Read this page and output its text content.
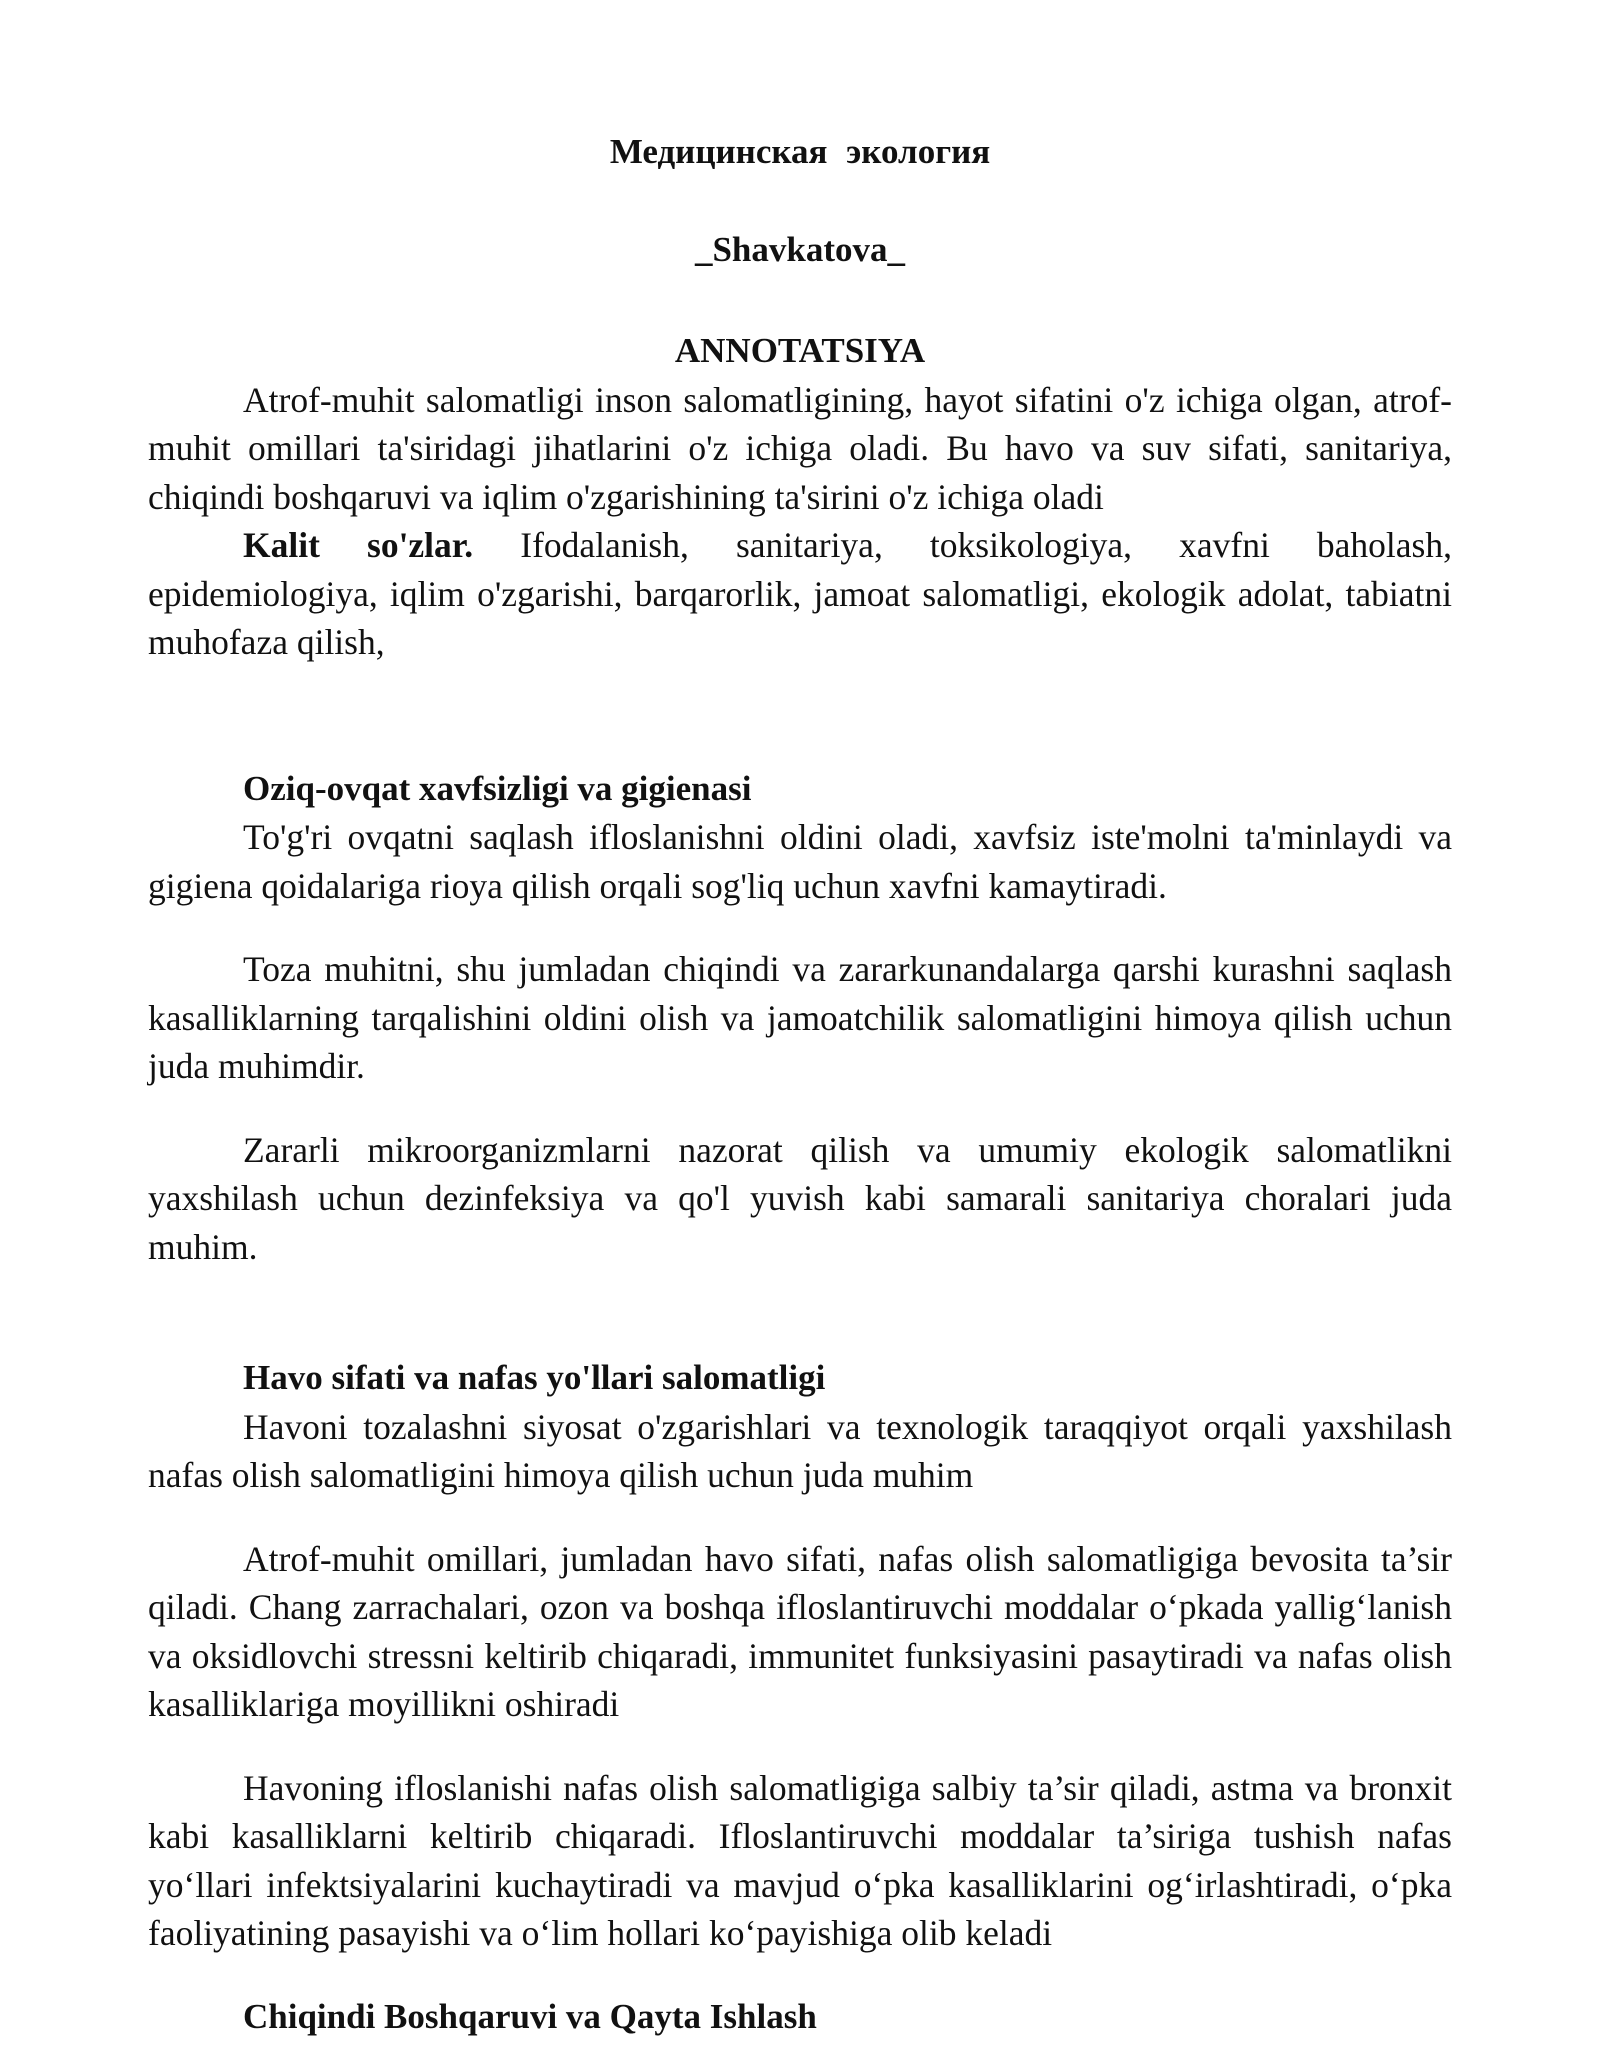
Медицинская экология
_Shavkatova_
ANNOTATSIYA

Atrof-muhit salomatligi inson salomatligining, hayot sifatini o'z ichiga olgan, atrof-muhit omillari ta'siridagi jihatlarini o'z ichiga oladi. Bu havo va suv sifati, sanitariya, chiqindi boshqaruvi va iqlim o'zgarishining ta'sirini o'z ichiga oladi

Kalit so'zlar. Ifodalanish, sanitariya, toksikologiya, xavfni baholash, epidemiologiya, iqlim o'zgarishi, barqarorlik, jamoat salomatligi, ekologik adolat, tabiatni muhofaza qilish,

Oziq-ovqat xavfsizligi va gigienasi

To'g'ri ovqatni saqlash ifloslanishni oldini oladi, xavfsiz iste'molni ta'minlaydi va gigiena qoidalariga rioya qilish orqali sog'liq uchun xavfni kamaytiradi.

Toza muhitni, shu jumladan chiqindi va zararkunandalarga qarshi kurashni saqlash kasalliklarning tarqalishini oldini olish va jamoatchilik salomatligini himoya qilish uchun juda muhimdir.

Zararli mikroorganizmlarni nazorat qilish va umumiy ekologik salomatlikni yaxshilash uchun dezinfeksiya va qo'l yuvish kabi samarali sanitariya choralari juda muhim.

Havo sifati va nafas yo'llari salomatligi

Havoni tozalashni siyosat o'zgarishlari va texnologik taraqqiyot orqali yaxshilash nafas olish salomatligini himoya qilish uchun juda muhim

Atrof-muhit omillari, jumladan havo sifati, nafas olish salomatligiga bevosita ta’sir qiladi. Chang zarrachalari, ozon va boshqa ifloslantiruvchi moddalar o‘pkada yallig‘lanish va oksidlovchi stressni keltirib chiqaradi, immunitet funksiyasini pasaytiradi va nafas olish kasalliklariga moyillikni oshiradi

Havoning ifloslanishi nafas olish salomatligiga salbiy ta’sir qiladi, astma va bronxit kabi kasalliklarni keltirib chiqaradi. Ifloslantiruvchi moddalar ta’siriga tushish nafas yo‘llari infektsiyalarini kuchaytiradi va mavjud o‘pka kasalliklarini og‘irlashtiradi, o‘pka faoliyatining pasayishi va o‘lim hollari ko‘payishiga olib keladi

Chiqindi Boshqaruvi va Qayta Ishlash
